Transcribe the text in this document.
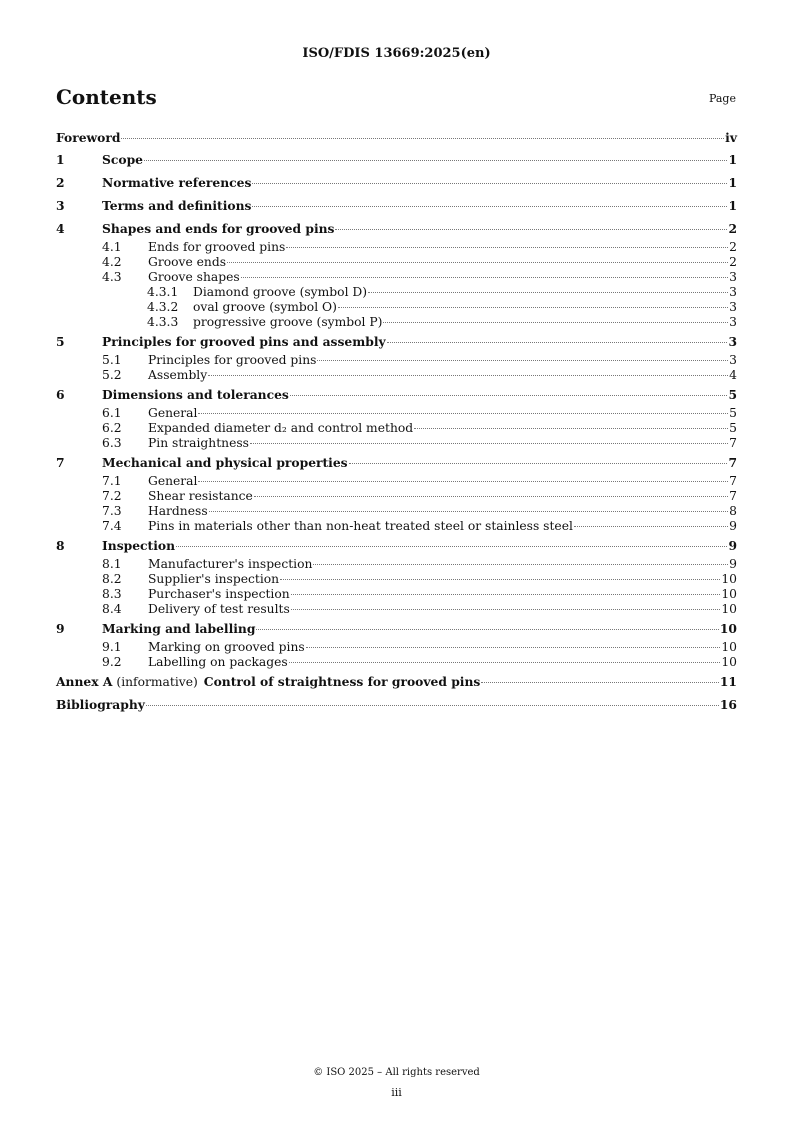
ISO/FDIS 13669:2025(en)
Contents	Page
Foreword	iv
1	Scope	1
2	Normative references	1
3	Terms and definitions	1
4	Shapes and ends for grooved pins	2
4.1	Ends for grooved pins	2
4.2	Groove ends	2
4.3	Groove shapes	3
4.3.1	Diamond groove (symbol D)	3
4.3.2	oval groove (symbol O)	3
4.3.3	progressive groove (symbol P)	3
5	Principles for grooved pins and assembly	3
5.1	Principles for grooved pins	3
5.2	Assembly	4
6	Dimensions and tolerances	5
6.1	General	5
6.2	Expanded diameter d₂ and control method	5
6.3	Pin straightness	7
7	Mechanical and physical properties	7
7.1	General	7
7.2	Shear resistance	7
7.3	Hardness	8
7.4	Pins in materials other than non-heat treated steel or stainless steel	9
8	Inspection	9
8.1	Manufacturer's inspection	9
8.2	Supplier's inspection	10
8.3	Purchaser's inspection	10
8.4	Delivery of test results	10
9	Marking and labelling	10
9.1	Marking on grooved pins	10
9.2	Labelling on packages	10
Annex A (informative) Control of straightness for grooved pins	11
Bibliography	16
© ISO 2025 – All rights reserved
iii
